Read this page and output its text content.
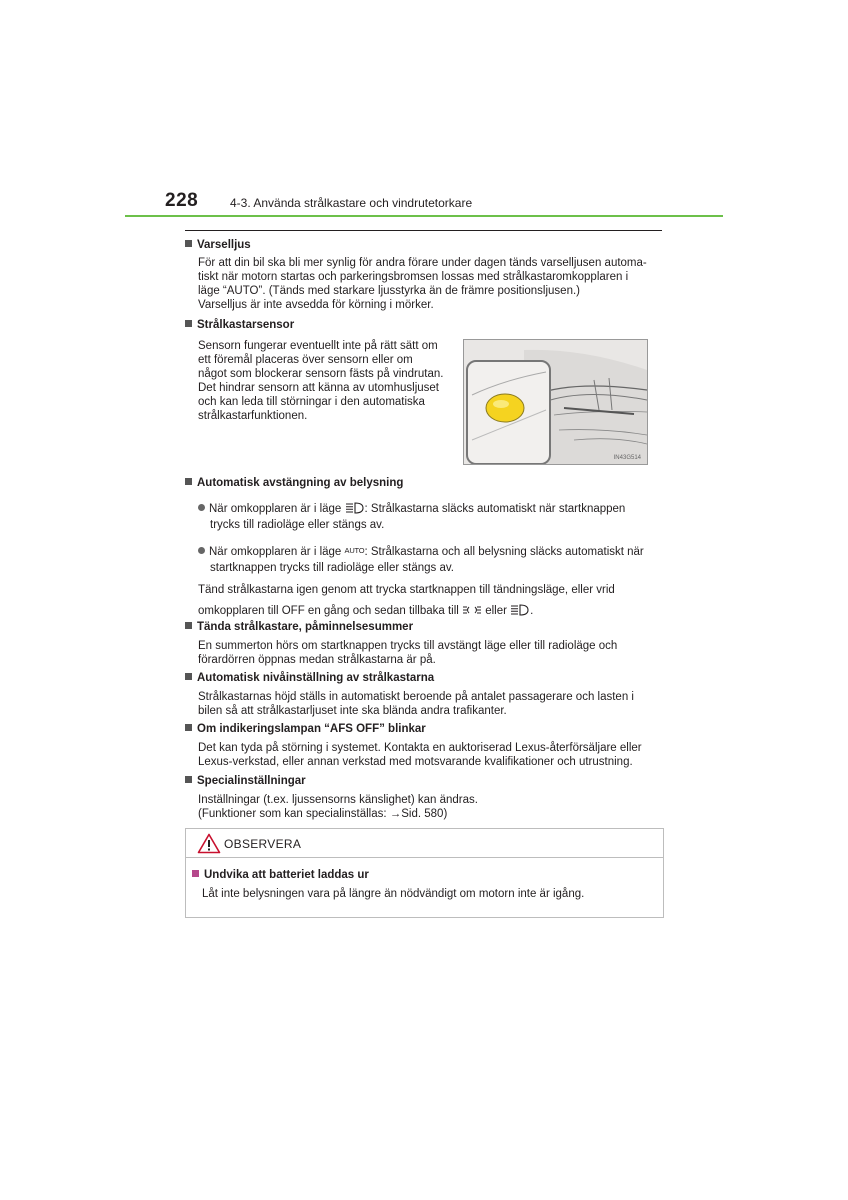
228	4-3. Använda strålkastare och vindrutetorkare
Varselljus
För att din bil ska bli mer synlig för andra förare under dagen tänds varselljusen automa-
tiskt när motorn startas och parkeringsbromsen lossas med strålkastaromkopplaren i
läge “AUTO”. (Tänds med starkare ljusstyrka än de främre positionsljusen.)
Varselljus är inte avsedda för körning i mörker.
Strålkastarsensor
Sensorn fungerar eventuellt inte på rätt sätt om
ett föremål placeras över sensorn eller om
något som blockerar sensorn fästs på vindrutan.
Det hindrar sensorn att känna av utomhusljuset
och kan leda till störningar i den automatiska
strålkastarfunktionen.
IN43G514
Automatisk avstängning av belysning
När omkopplaren är i läge : Strålkastarna släcks automatiskt när startknappen
trycks till radioläge eller stängs av.
När omkopplaren är i läge AUTO: Strålkastarna och all belysning släcks automatiskt när
startknappen trycks till radioläge eller stängs av.
Tänd strålkastarna igen genom att trycka startknappen till tändningsläge, eller vrid
omkopplaren till OFF en gång och sedan tillbaka till eller .
Tända strålkastare, påminnelsesummer
En summerton hörs om startknappen trycks till avstängt läge eller till radioläge och
förardörren öppnas medan strålkastarna är på.
Automatisk nivåinställning av strålkastarna
Strålkastarnas höjd ställs in automatiskt beroende på antalet passagerare och lasten i
bilen så att strålkastarljuset inte ska blända andra trafikanter.
Om indikeringslampan “AFS OFF” blinkar
Det kan tyda på störning i systemet. Kontakta en auktoriserad Lexus-återförsäljare eller
Lexus-verkstad, eller annan verkstad med motsvarande kvalifikationer och utrustning.
Specialinställningar
Inställningar (t.ex. ljussensorns känslighet) kan ändras.
(Funktioner som kan specialinställas: →Sid. 580)
OBSERVERA
Undvika att batteriet laddas ur
Låt inte belysningen vara på längre än nödvändigt om motorn inte är igång.
